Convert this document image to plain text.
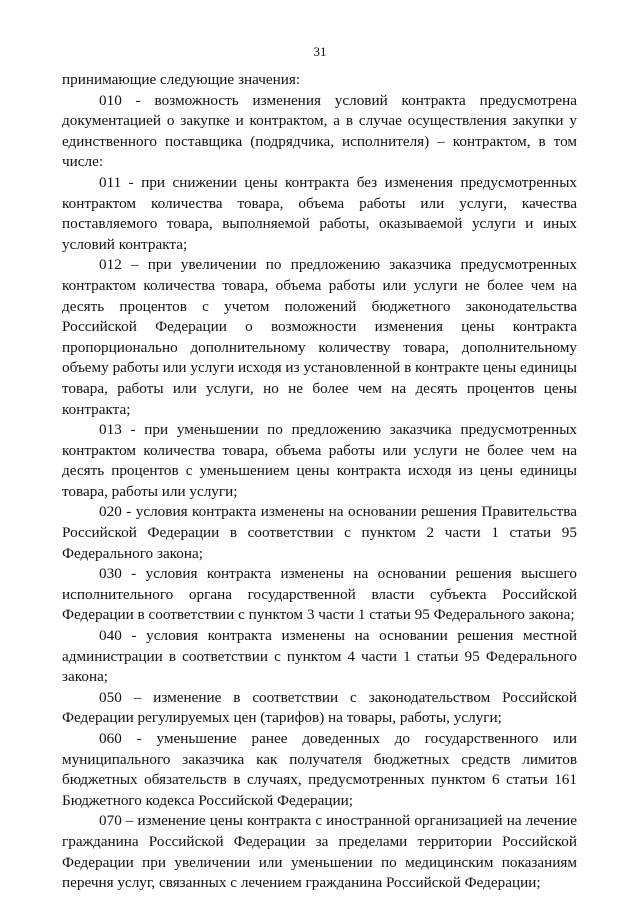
31

принимающие следующие значения:

010 - возможность изменения условий контракта предусмотрена документацией о закупке и контрактом, а в случае осуществления закупки у единственного поставщика (подрядчика, исполнителя) – контрактом, в том числе:

011 - при снижении цены контракта без изменения предусмотренных контрактом количества товара, объема работы или услуги, качества поставляемого товара, выполняемой работы, оказываемой услуги и иных условий контракта;

012 – при увеличении по предложению заказчика предусмотренных контрактом количества товара, объема работы или услуги не более чем на десять процентов с учетом положений бюджетного законодательства Российской Федерации о возможности изменения цены контракта пропорционально дополнительному количеству товара, дополнительному объему работы или услуги исходя из установленной в контракте цены единицы товара, работы или услуги, но не более чем на десять процентов цены контракта;

013 - при уменьшении по предложению заказчика предусмотренных контрактом количества товара, объема работы или услуги не более чем на десять процентов с уменьшением цены контракта исходя из цены единицы товара, работы или услуги;

020 - условия контракта изменены на основании решения Правительства Российской Федерации в соответствии с пунктом 2 части 1 статьи 95 Федерального закона;

030 - условия контракта изменены на основании решения высшего исполнительного органа государственной власти субъекта Российской Федерации в соответствии с пунктом 3 части 1 статьи 95 Федерального закона;

040 - условия контракта изменены на основании решения местной администрации в соответствии с пунктом 4 части 1 статьи 95 Федерального закона;

050 – изменение в соответствии с законодательством Российской Федерации регулируемых цен (тарифов) на товары, работы, услуги;

060 - уменьшение ранее доведенных до государственного или муниципального заказчика как получателя бюджетных средств лимитов бюджетных обязательств в случаях, предусмотренных пунктом 6 статьи 161 Бюджетного кодекса Российской Федерации;

070 – изменение цены контракта с иностранной организацией на лечение гражданина Российской Федерации за пределами территории Российской Федерации при увеличении или уменьшении по медицинским показаниям перечня услуг, связанных с лечением гражданина Российской Федерации;
